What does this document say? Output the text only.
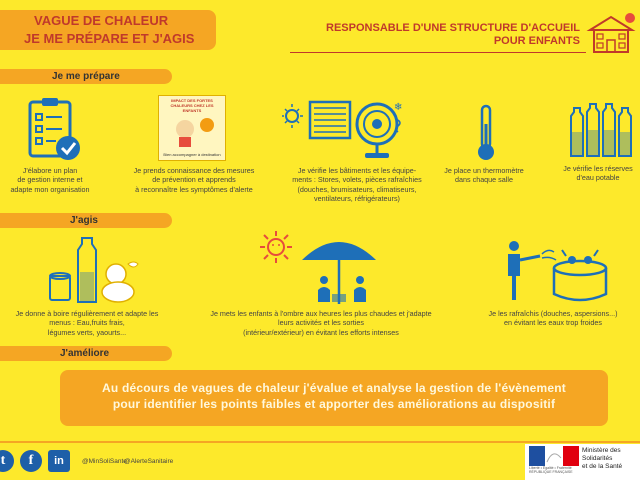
VAGUE DE CHALEUR
JE ME PRÉPARE ET J'AGIS
RESPONSABLE D'UNE STRUCTURE D'ACCUEIL
POUR ENFANTS
Je me prépare
IMPACT DES FORTES CHALEURS CHEZ LES ENFANTS
Bien accompagner à destination
❄
J'élabore un plan
de gestion interne et
adapte mon organisation
Je prends connaissance des mesures
de prévention et apprends
à reconnaître les symptômes d'alerte
Je vérifie les bâtiments et les équipe-
ments : Stores, volets, pièces rafraîchies
(douches, brumisateurs, climatiseurs,
ventilateurs, réfrigérateurs)
Je place un thermomètre
dans chaque salle
Je vérifie les réserves
d'eau potable
J'agis
Je donne à boire régulièrement et adapte les
menus : Eau,fruits frais,
légumes verts, yaourts...
Je mets les enfants à l'ombre aux heures les plus chaudes et j'adapte
leurs activités et les sorties
(intérieur/extérieur) en évitant les efforts intenses
Je les rafraîchis (douches, aspersions...)
en évitant les eaux trop froides
J'améliore
Au décours de vagues de chaleur j'évalue et analyse la gestion de l'évènement
pour identifier les points faibles et apporter des améliorations au dispositif
t	f	in	@MinSoliSante
@AlerteSanitaire
Liberté • Égalité • Fraternité
RÉPUBLIQUE FRANÇAISE
Ministère des Solidarités
et de la Santé
